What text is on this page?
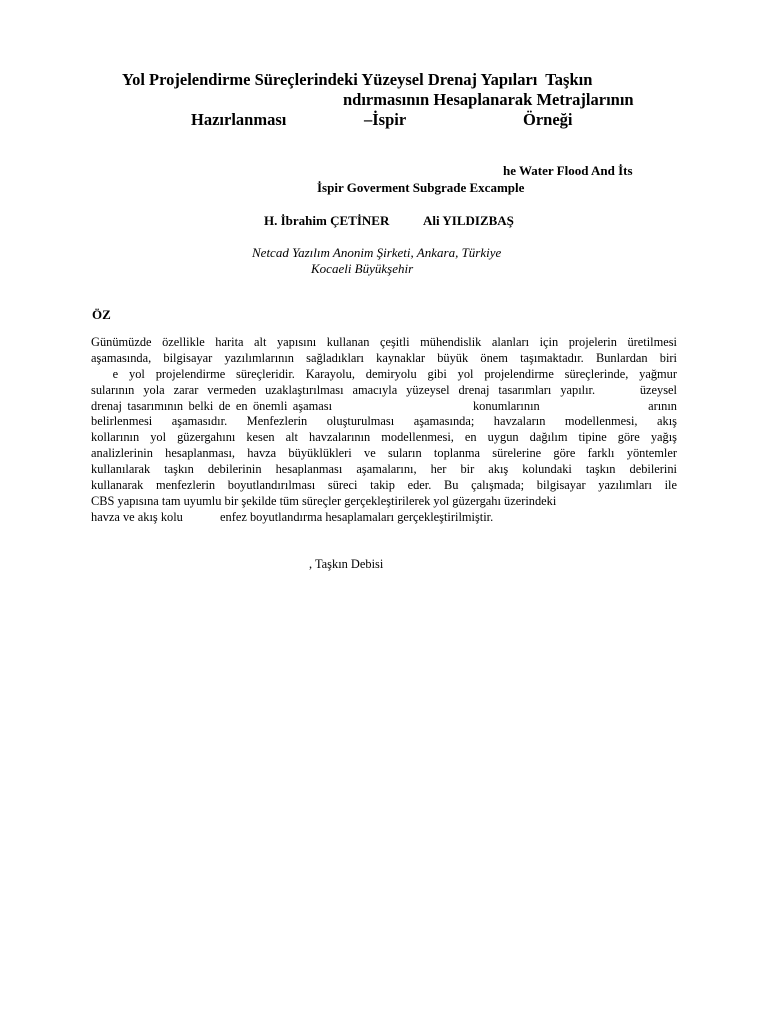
Yol Projelendirme Süreçlerindeki Yüzeysel Drenaj Yapıları  Taşkın
ndırmasının Hesaplanarak Metrajlarının
Hazırlanması	–İspir	Örneği
he Water Flood And İts
İspir Goverment Subgrade Excample
H. İbrahim ÇETİNER	Ali YILDIZBAŞ
Netcad Yazılım Anonim Şirketi, Ankara, Türkiye
Kocaeli Büyükşehir
ÖZ
Günümüzde özellikle harita alt yapısını kullanan çeşitli mühendislik alanları için projelerin üretilmesi
aşamasında, bilgisayar yazılımlarının sağladıkları kaynaklar büyük önem taşımaktadır. Bunlardan biri
e yol projelendirme süreçleridir. Karayolu, demiryolu gibi yol projelendirme süreçlerinde, yağmur
sularının yola zarar vermeden uzaklaştırılması amacıyla yüzeysel drenaj tasarımları yapılır.     üzeysel
drenaj tasarımının belki de en önemli aşaması                          konumlarının                    arının
belirlenmesi aşamasıdır. Menfezlerin oluşturulması aşamasında; havzaların modellenmesi, akış
kollarının yol güzergahını kesen alt havzalarının modellenmesi, en uygun dağılım tipine göre yağış
analizlerinin hesaplanması, havza büyüklükleri ve suların toplanma sürelerine göre farklı yöntemler
kullanılarak taşkın debilerinin hesaplanması aşamalarını, her bir akış kolundaki taşkın debilerini
kullanarak menfezlerin boyutlandırılması süreci takip eder. Bu çalışmada; bilgisayar yazılımları ile
CBS yapısına tam uyumlu bir şekilde tüm süreçler gerçekleştirilerek yol güzergahı üzerindeki
havza ve akış kolu            enfez boyutlandırma hesaplamaları gerçekleştirilmiştir.
, Taşkın Debisi
